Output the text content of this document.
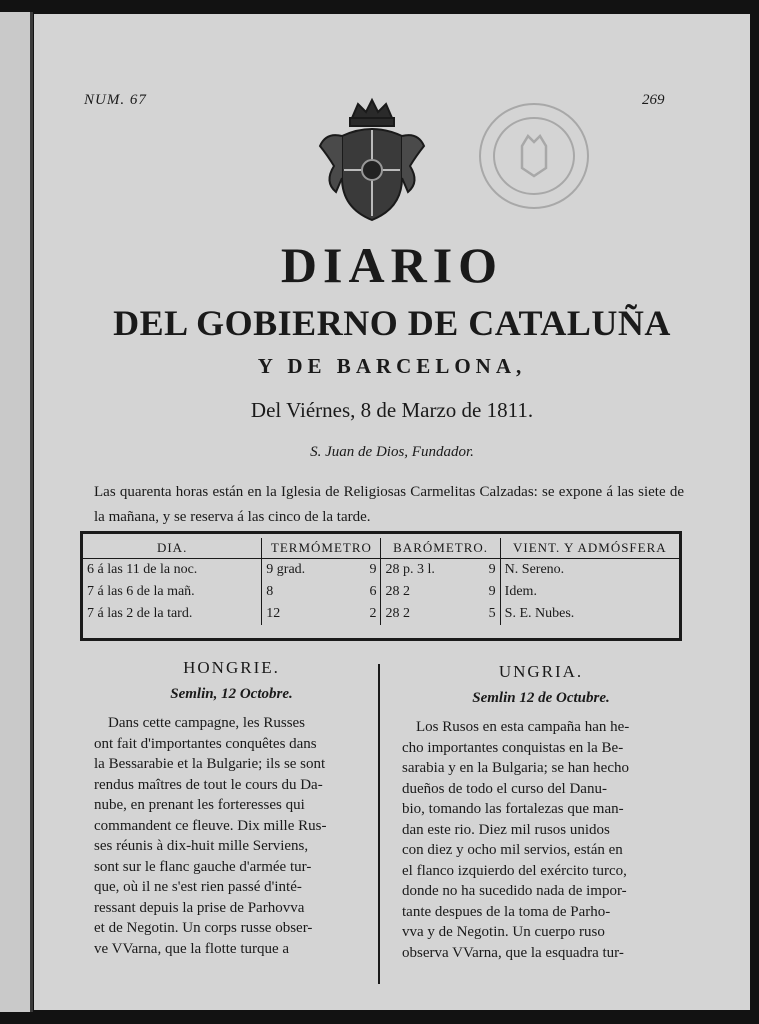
NUM. 67	269
DIARIO
DEL GOBIERNO DE CATALUÑA
Y DE BARCELONA,
Del Viérnes, 8 de Marzo de 1811.
S. Juan de Dios, Fundador.
Las quarenta horas están en la Iglesia de Religiosas Carmelitas Calzadas: se expone á las siete de la mañana, y se reserva á las cinco de la tarde.
DIA.	TERMÓMETRO	BARÓMETRO.	VIENT. Y ADMÓSFERA
6 á las 11 de la noc.	9 grad. 9	28 p. 3 l. 9	N. Sereno.
7 á las 6 de la mañ.	8 6	28 2 9	Idem.
7 á las 2 de la tard.	12 2	28 2 5	S. E. Nubes.
HONGRIE.
Semlin, 12 Octobre.
Dans cette campagne, les Russes
ont fait d'importantes conquêtes dans
la Bessarabie et la Bulgarie; ils se sont
rendus maîtres de tout le cours du Da-
nube, en prenant les forteresses qui
commandent ce fleuve. Dix mille Rus-
ses réunis à dix-huit mille Serviens,
sont sur le flanc gauche d'armée tur-
que, où il ne s'est rien passé d'inté-
ressant depuis la prise de Parhovva
et de Negotin. Un corps russe obser-
ve VVarna, que la flotte turque a
UNGRIA.
Semlin 12 de Octubre.
Los Rusos en esta campaña han he-
cho importantes conquistas en la Be-
sarabia y en la Bulgaria; se han hecho
dueños de todo el curso del Danu-
bio, tomando las fortalezas que man-
dan este rio. Diez mil rusos unidos
con diez y ocho mil servios, están en
el flanco izquierdo del exército turco,
donde no ha sucedido nada de impor-
tante despues de la toma de Parho-
vva y de Negotin. Un cuerpo ruso
observa VVarna, que la esquadra tur-
